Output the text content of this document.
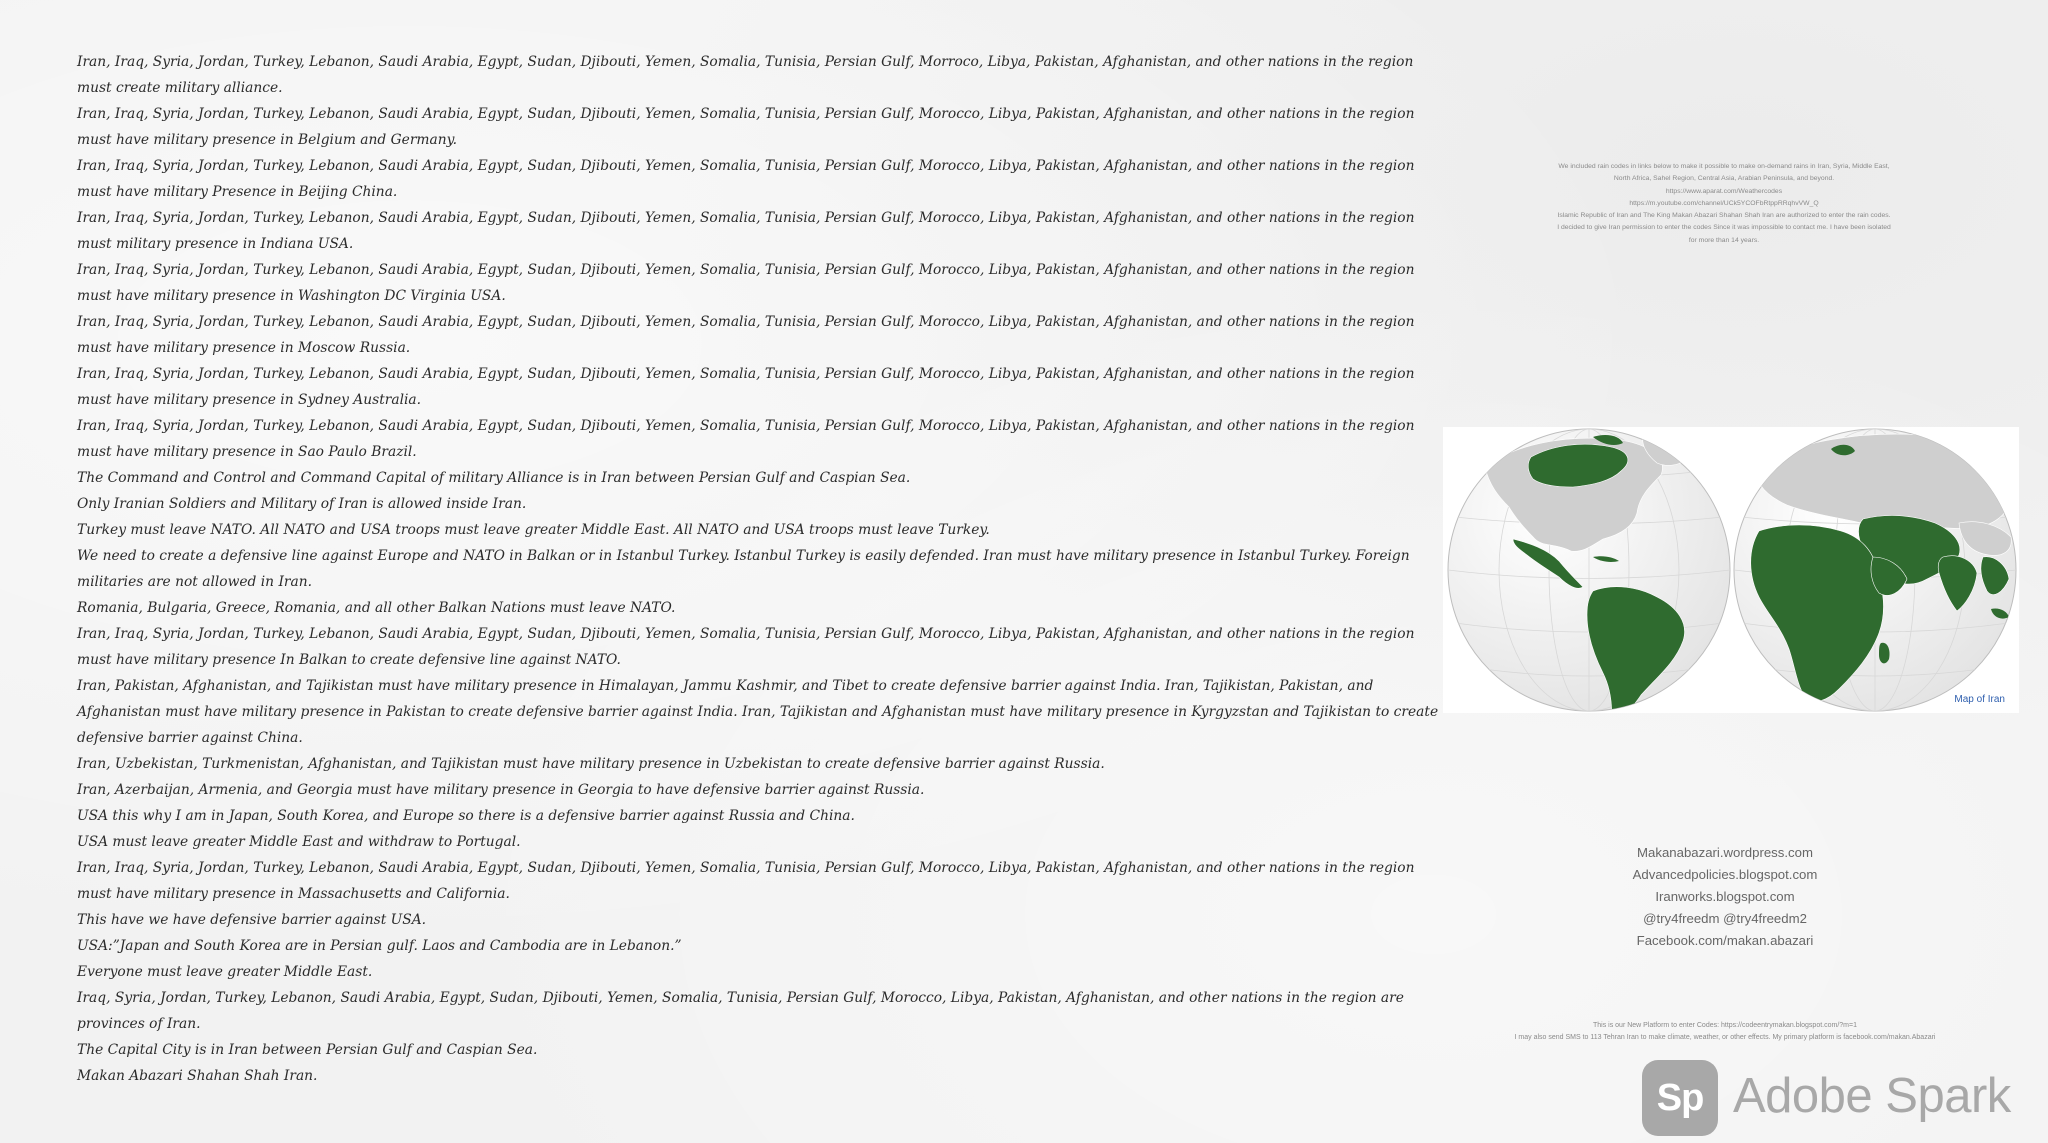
Iran, Iraq, Syria, Jordan, Turkey, Lebanon, Saudi Arabia, Egypt, Sudan, Djibouti, Yemen, Somalia, Tunisia, Persian Gulf, Morroco, Libya, Pakistan, Afghanistan, and other nations in the region must create military alliance.

Iran, Iraq, Syria, Jordan, Turkey, Lebanon, Saudi Arabia, Egypt, Sudan, Djibouti, Yemen, Somalia, Tunisia, Persian Gulf, Morocco, Libya, Pakistan, Afghanistan, and other nations in the region must have military presence in Belgium and Germany.

Iran, Iraq, Syria, Jordan, Turkey, Lebanon, Saudi Arabia, Egypt, Sudan, Djibouti, Yemen, Somalia, Tunisia, Persian Gulf, Morocco, Libya, Pakistan, Afghanistan, and other nations in the region must have military Presence in Beijing China.

Iran, Iraq, Syria, Jordan, Turkey, Lebanon, Saudi Arabia, Egypt, Sudan, Djibouti, Yemen, Somalia, Tunisia, Persian Gulf, Morocco, Libya, Pakistan, Afghanistan, and other nations in the region must military presence in Indiana USA.

Iran, Iraq, Syria, Jordan, Turkey, Lebanon, Saudi Arabia, Egypt, Sudan, Djibouti, Yemen, Somalia, Tunisia, Persian Gulf, Morocco, Libya, Pakistan, Afghanistan, and other nations in the region must have military presence in Washington DC Virginia USA.

Iran, Iraq, Syria, Jordan, Turkey, Lebanon, Saudi Arabia, Egypt, Sudan, Djibouti, Yemen, Somalia, Tunisia, Persian Gulf, Morocco, Libya, Pakistan, Afghanistan, and other nations in the region must have military presence in Moscow Russia.

Iran, Iraq, Syria, Jordan, Turkey, Lebanon, Saudi Arabia, Egypt, Sudan, Djibouti, Yemen, Somalia, Tunisia, Persian Gulf, Morocco, Libya, Pakistan, Afghanistan, and other nations in the region must have military presence in Sydney Australia.

Iran, Iraq, Syria, Jordan, Turkey, Lebanon, Saudi Arabia, Egypt, Sudan, Djibouti, Yemen, Somalia, Tunisia, Persian Gulf, Morocco, Libya, Pakistan, Afghanistan, and other nations in the region must have military presence in Sao Paulo Brazil.

The Command and Control and Command Capital of military Alliance is in Iran between Persian Gulf and Caspian Sea.

Only Iranian Soldiers and Military of Iran is allowed inside Iran.

Turkey must leave NATO. All NATO and USA troops must leave greater Middle East. All NATO and USA troops must leave Turkey.

We need to create a defensive line against Europe and NATO in Balkan or in Istanbul Turkey. Istanbul Turkey is easily defended. Iran must have military presence in Istanbul Turkey. Foreign militaries are not allowed in Iran.

Romania, Bulgaria, Greece, Romania, and all other Balkan Nations must leave NATO.

Iran, Iraq, Syria, Jordan, Turkey, Lebanon, Saudi Arabia, Egypt, Sudan, Djibouti, Yemen, Somalia, Tunisia, Persian Gulf, Morocco, Libya, Pakistan, Afghanistan, and other nations in the region must have military presence In Balkan to create defensive line against NATO.

Iran, Pakistan, Afghanistan, and Tajikistan must have military presence in Himalayan, Jammu Kashmir, and Tibet to create defensive barrier against India. Iran, Tajikistan, Pakistan, and Afghanistan must have military presence in Pakistan to create defensive barrier against India. Iran, Tajikistan and Afghanistan must have military presence in Kyrgyzstan and Tajikistan to create defensive barrier against China.

Iran, Uzbekistan, Turkmenistan, Afghanistan, and Tajikistan must have military presence in Uzbekistan to create defensive barrier against Russia.

Iran, Azerbaijan, Armenia, and Georgia must have military presence in Georgia to have defensive barrier against Russia.

USA this why I am in Japan, South Korea, and Europe so there is a defensive barrier against Russia and China.

USA must leave greater Middle East and withdraw to Portugal.

Iran, Iraq, Syria, Jordan, Turkey, Lebanon, Saudi Arabia, Egypt, Sudan, Djibouti, Yemen, Somalia, Tunisia, Persian Gulf, Morocco, Libya, Pakistan, Afghanistan, and other nations in the region must have military presence in Massachusetts and California.

This have we have defensive barrier against USA.

USA:”Japan and South Korea are in Persian gulf. Laos and Cambodia are in Lebanon.”

Everyone must leave greater Middle East.

Iraq, Syria, Jordan, Turkey, Lebanon, Saudi Arabia, Egypt, Sudan, Djibouti, Yemen, Somalia, Tunisia, Persian Gulf, Morocco, Libya, Pakistan, Afghanistan, and other nations in the region are provinces of Iran.

The Capital City is in Iran between Persian Gulf and Caspian Sea.

Makan Abazari Shahan Shah Iran.

We included rain codes in links below to make it possible to make on-demand rains in Iran, Syria, Middle East,
North Africa, Sahel Region, Central Asia, Arabian Peninsula, and beyond.
https://www.aparat.com/Weathercodes
https://m.youtube.com/channel/UCk5YCOFbRtppRRqhvVW_Q
Islamic Republic of Iran and The King Makan Abazari Shahan Shah Iran are authorized to enter the rain codes.
I decided to give Iran permission to enter the codes Since it was impossible to contact me. I have been isolated
for more than 14 years.
Map of Iran
Makanabazari.wordpress.com
Advancedpolicies.blogspot.com
Iranworks.blogspot.com
@try4freedm @try4freedm2
Facebook.com/makan.abazari
This is our New Platform to enter Codes: https://codeentrymakan.blogspot.com/?m=1
I may also send SMS to 113 Tehran Iran to make climate, weather, or other effects. My primary platform is facebook.com/makan.Abazari
Sp Adobe Spark
